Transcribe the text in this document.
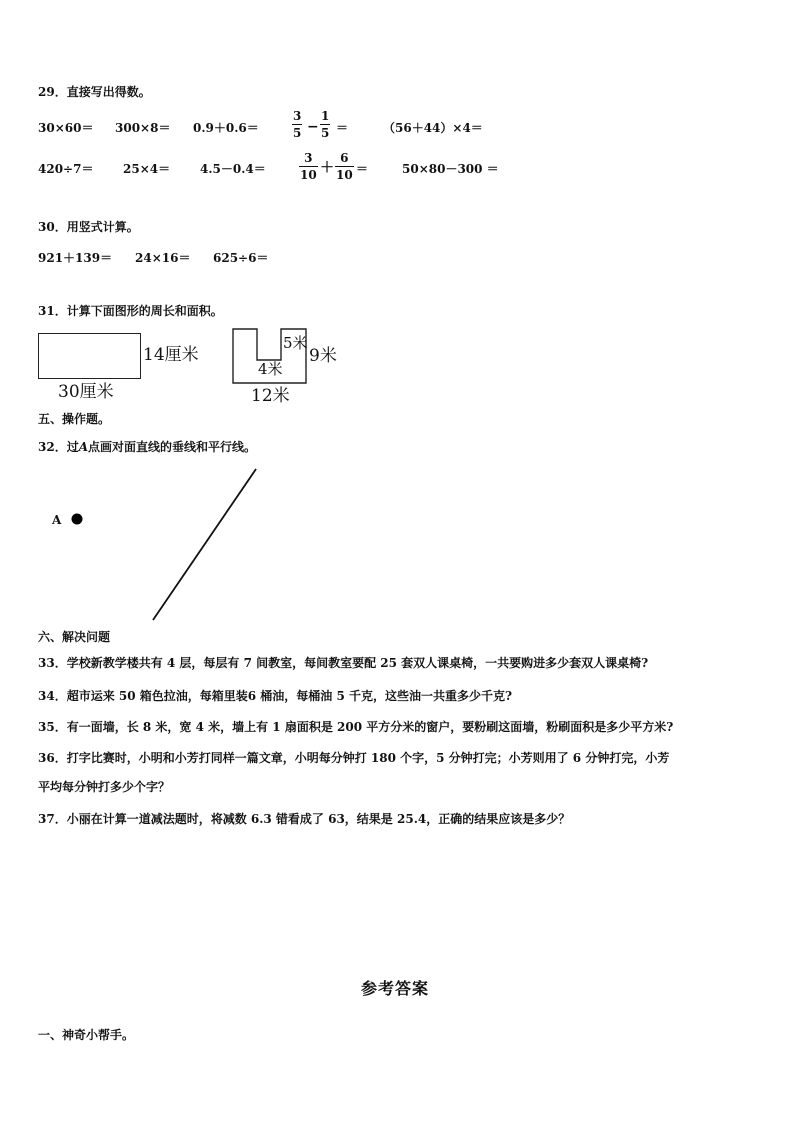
29．直接写出得数。
30×60＝ 300×8＝ 0.9＋0.6＝	$\frac{3}{5} - \frac{1}{5}$ ＝	（56＋44）×4＝
420÷7＝ 25×4＝ 4.5－0.4＝	$\frac{3}{10} + \frac{6}{10}$ ＝	50×80－300 ＝
30．用竖式计算。
921＋139＝ 24×16＝ 625÷6＝
31．计算下面图形的周长和面积。
14厘米
30厘米
5米
4米
9米
12米
五、操作题。
32．过A点画对面直线的垂线和平行线。
A
六、解决问题
33．学校新教学楼共有 4 层，每层有 7 间教室，每间教室要配 25 套双人课桌椅，一共要购进多少套双人课桌椅?
34．超市运来 50 箱色拉油，每箱里装6 桶油，每桶油 5 千克，这些油一共重多少千克?
35．有一面墙，长 8 米，宽 4 米，墙上有 1 扇面积是 200 平方分米的窗户，要粉刷这面墙，粉刷面积是多少平方米?
36．打字比赛时，小明和小芳打同样一篇文章，小明每分钟打 180 个字，5 分钟打完；小芳则用了 6 分钟打完，小芳
平均每分钟打多少个字？
37．小丽在计算一道减法题时，将减数 6.3 错看成了 63，结果是 25.4，正确的结果应该是多少？
参考答案
一、神奇小帮手。
